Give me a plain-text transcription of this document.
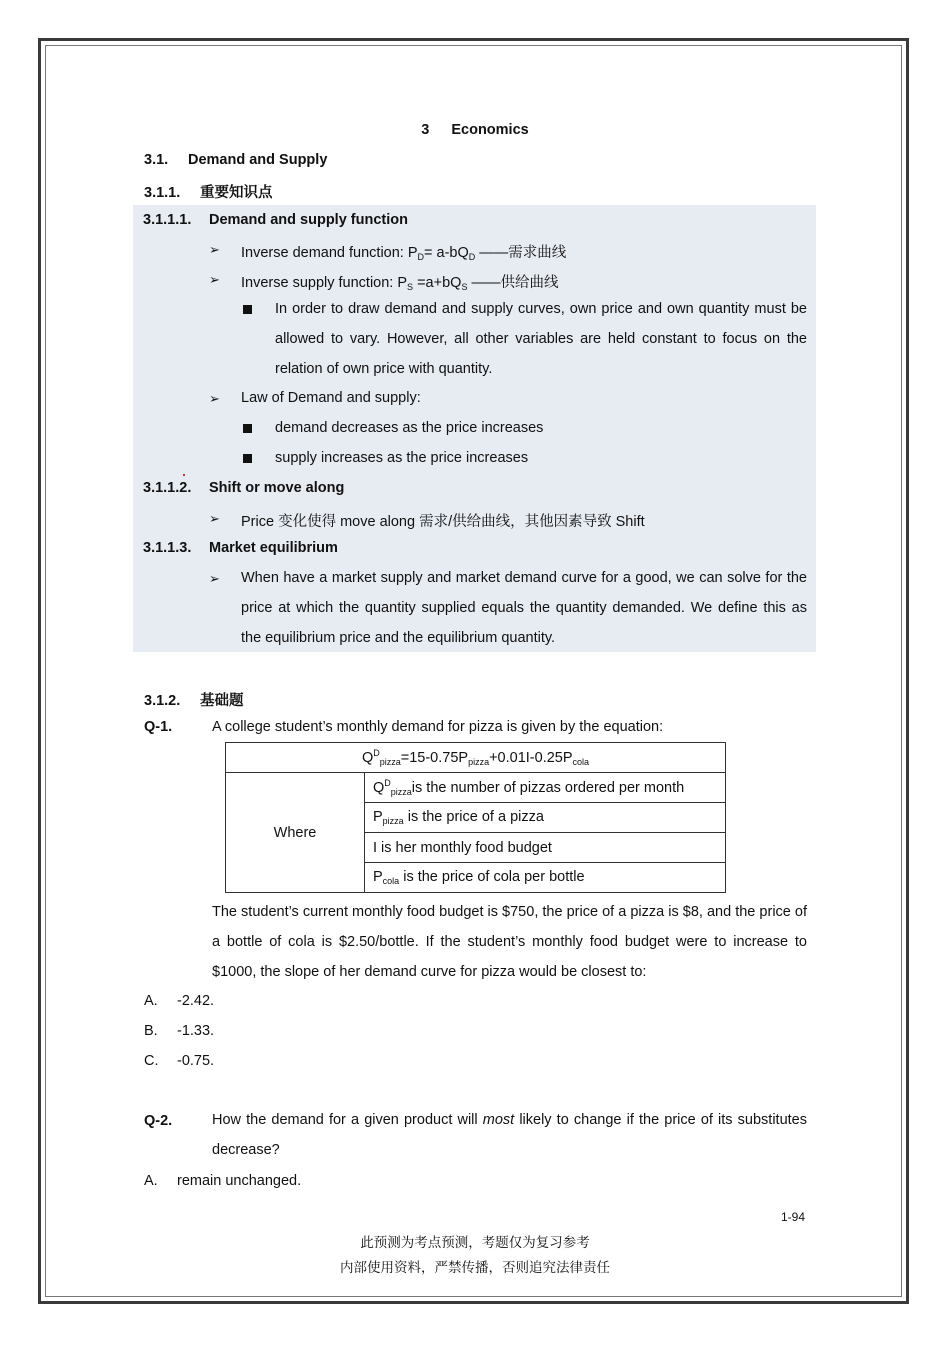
3 Economics
3.1. Demand and Supply
3.1.1. 重要知识点
3.1.1.1. Demand and supply function
➢ Inverse demand function: $P_D= a-bQ_D$ ——需求曲线
➢ Inverse supply function: $P_S =a+bQ_S$ ——供给曲线
In order to draw demand and supply curves, own price and own quantity must be allowed to vary. However, all other variables are held constant to focus on the relation of own price with quantity.
➢ Law of Demand and supply:
demand decreases as the price increases
supply increases as the price increases
3.1.1.2. Shift or move along
➢ Price 变化使得 move along 需求/供给曲线，其他因素导致 Shift
3.1.1.3. Market equilibrium
➢ When have a market supply and market demand curve for a good, we can solve for the price at which the quantity supplied equals the quantity demanded. We define this as the equilibrium price and the equilibrium quantity.
3.1.2. 基础题
Q-1.	A college student’s monthly demand for pizza is given by the equation:
$Q^D_{pizza}=15-0.75P_{pizza}+0.01I-0.25P_{cola}$
Where	$Q^D_{pizza}is$ the number of pizzas ordered per month
$P_{pizza}$ is the price of a pizza
I is her monthly food budget
$P_{cola}$ is the price of cola per bottle
The student’s current monthly food budget is $750, the price of a pizza is $8, and the price of a bottle of cola is $2.50/bottle. If the student’s monthly food budget were to increase to $1000, the slope of her demand curve for pizza would be closest to:
A. -2.42.
B. -1.33.
C. -0.75.
Q-2.	How the demand for a given product will most likely to change if the price of its substitutes decrease?
A. remain unchanged.
1-94
此预测为考点预测，考题仅为复习参考
内部使用资料，严禁传播，否则追究法律责任
